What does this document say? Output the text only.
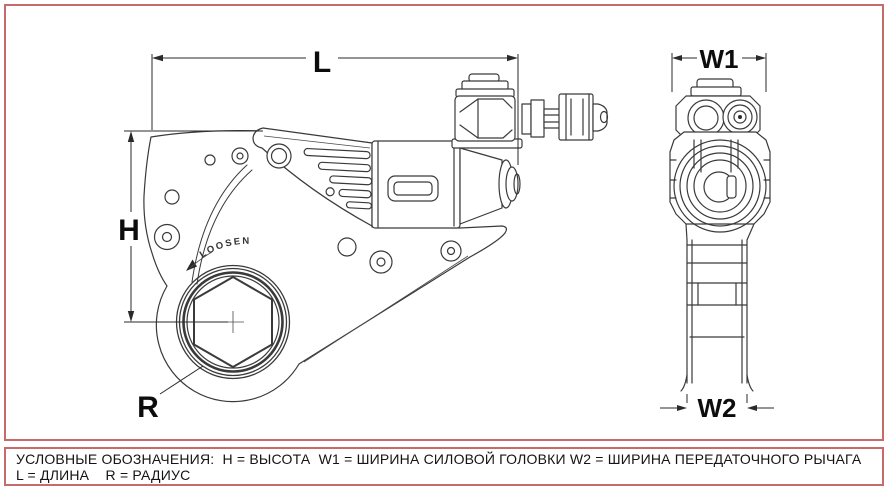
LOOSEN
L
H
R
W1
W2

УСЛОВНЫЕ ОБОЗНАЧЕНИЯ:  H = ВЫСОТА  W1 = ШИРИНА СИЛОВОЙ ГОЛОВКИ W2 = ШИРИНА ПЕРЕДАТОЧНОГО РЫЧАГА

L = ДЛИНА    R = РАДИУС
